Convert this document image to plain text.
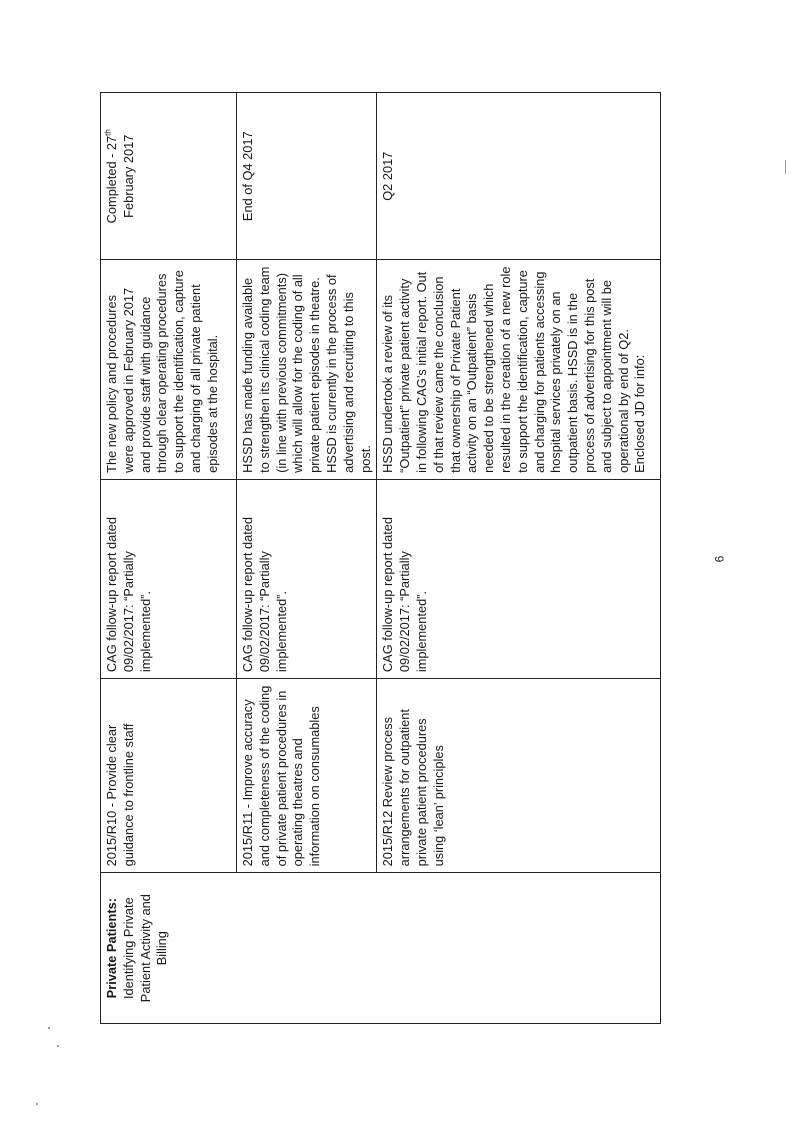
Private Patients: Identifying Private Patient Activity and Billing	2015/R10 - Provide clear guidance to frontline staff	CAG follow-up report dated 09/02/2017: “Partially implemented”.	The new policy and procedures were approved in February 2017 and provide staff with guidance through clear operating procedures to support the identification, capture and charging of all private patient episodes at the hospital.	Completed - 27th
February 2017
	2015/R11 - Improve accuracy and completeness of the coding of private patient procedures in operating theatres and information on consumables	CAG follow-up report dated 09/02/2017: “Partially implemented”.	HSSD has made funding available to strengthen its clinical coding team (in line with previous commitments) which will allow for the coding of all private patient episodes in theatre. HSSD is currently in the process of advertising and recruiting to this post.	End of Q4 2017
	2015/R12 Review process arrangements for outpatient private patient procedures using ‘lean’ principles	CAG follow-up report dated 09/02/2017: “Partially implemented”.	HSSD undertook a review of its “Outpatient” private patient activity in following CAG’s initial report. Out of that review came the conclusion that ownership of Private Patient activity on an “Outpatient” basis needed to be strengthened which resulted in the creation of a new role to support the identification, capture and charging for patients accessing hospital services privately on an outpatient basis. HSSD is in the process of advertising for this post and subject to appointment will be operational by end of Q2. Enclosed JD for info:	Q2 2017
6
